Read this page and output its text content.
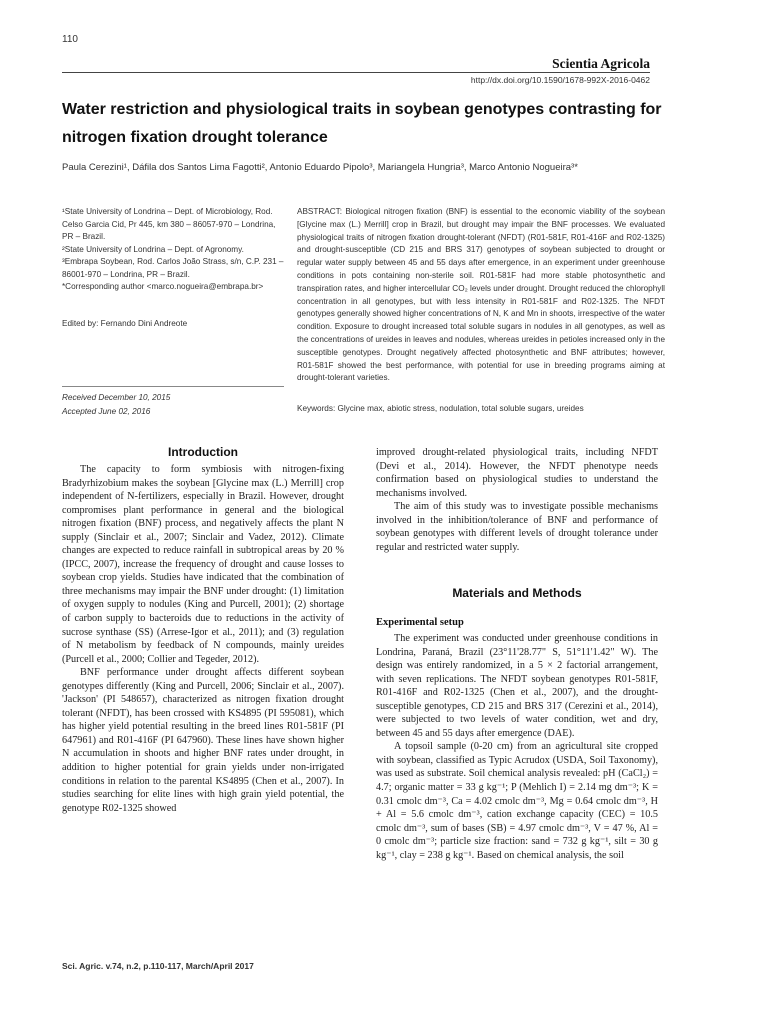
110
Scientia Agricola
http://dx.doi.org/10.1590/1678-992X-2016-0462
Water restriction and physiological traits in soybean genotypes contrasting for nitrogen fixation drought tolerance
Paula Cerezini¹, Dáfila dos Santos Lima Fagotti², Antonio Eduardo Pipolo³, Mariangela Hungria³, Marco Antonio Nogueira³*

¹State University of Londrina – Dept. of Microbiology, Rod. Celso Garcia Cid, Pr 445, km 380 – 86057-970 – Londrina, PR – Brazil.

²State University of Londrina – Dept. of Agronomy.

³Embrapa Soybean, Rod. Carlos João Strass, s/n, C.P. 231 – 86001-970 – Londrina, PR – Brazil.

*Corresponding author <marco.nogueira@embrapa.br>

Edited by: Fernando Dini Andreote

Received December 10, 2015

Accepted June 02, 2016

ABSTRACT: Biological nitrogen fixation (BNF) is essential to the economic viability of the soybean [Glycine max (L.) Merrill] crop in Brazil, but drought may impair the BNF processes. We evaluated physiological traits of nitrogen fixation drought-tolerant (NFDT) (R01-581F, R01-416F and R02-1325) and drought-susceptible (CD 215 and BRS 317) genotypes of soybean subjected to drought or regular water supply between 45 and 55 days after emergence, in an experiment under greenhouse conditions in pots containing non-sterile soil. R01-581F had more stable photosynthetic and transpiration rates, and higher intercellular CO₂ levels under drought. Drought reduced the chlorophyll concentration in all genotypes, but with less intensity in R01-581F and R02-1325. The NFDT genotypes generally showed higher concentrations of N, K and Mn in shoots, irrespective of the water condition. Exposure to drought increased total soluble sugars in nodules in all genotypes, as well as the concentrations of ureides in leaves and nodules, whereas ureides in petioles increased only in the susceptible genotypes. Drought negatively affected photosynthetic and BNF attributes; however, R01-581F showed the best performance, with potential for use in breeding programs aiming at drought-tolerant varieties.

Keywords: Glycine max, abiotic stress, nodulation, total soluble sugars, ureides

Introduction

The capacity to form symbiosis with nitrogen-fixing Bradyrhizobium makes the soybean [Glycine max (L.) Merrill] crop independent of N-fertilizers, especially in Brazil. However, drought compromises plant performance in general and the biological nitrogen fixation (BNF) process, and negatively affects the plant N supply (Sinclair et al., 2007; Sinclair and Vadez, 2012). Climate changes are expected to reduce rainfall in subtropical areas by 20 % (IPCC, 2007), increase the frequency of drought and cause losses to soybean crop yields. Studies have indicated that the combination of three mechanisms may impair the BNF under drought: (1) limitation of oxygen supply to nodules (King and Purcell, 2001); (2) shortage of carbon supply to bacteroids due to reductions in the activity of sucrose synthase (SS) (Arrese-Igor et al., 2011); and (3) regulation of N metabolism by feedback of N compounds, mainly ureides (Purcell et al., 2000; Collier and Tegeder, 2012).

BNF performance under drought affects different soybean genotypes differently (King and Purcell, 2006; Sinclair et al., 2007). 'Jackson' (PI 548657), characterized as nitrogen fixation drought tolerant (NFDT), has been crossed with KS4895 (PI 595081), which has higher yield potential resulting in the breed lines R01-581F (PI 647961) and R01-416F (PI 647960). These lines have shown higher N accumulation in shoots and higher BNF rates under drought, in addition to higher potential for grain yields under non-irrigated conditions in relation to the parental KS4895 (Chen et al., 2007). In studies searching for elite lines with high grain yield potential, the genotype R02-1325 showed

improved drought-related physiological traits, including NFDT (Devi et al., 2014). However, the NFDT phenotype needs confirmation based on physiological studies to understand the mechanisms involved.

The aim of this study was to investigate possible mechanisms involved in the inhibition/tolerance of BNF and performance of soybean genotypes with different levels of drought tolerance under regular and restricted water supply.

Materials and Methods
Experimental setup

The experiment was conducted under greenhouse conditions in Londrina, Paraná, Brazil (23°11'28.77" S, 51°11'1.42" W). The design was entirely randomized, in a 5 × 2 factorial arrangement, with seven replications. The NFDT soybean genotypes R01-581F, R01-416F and R02-1325 (Chen et al., 2007), and the drought-susceptible genotypes, CD 215 and BRS 317 (Cerezini et al., 2014), were subjected to two levels of water condition, wet and dry, between 45 and 55 days after emergence (DAE).

A topsoil sample (0-20 cm) from an agricultural site cropped with soybean, classified as Typic Acrudox (USDA, Soil Taxonomy), was used as substrate. Soil chemical analysis revealed: pH (CaCl₂) = 4.7; organic matter = 33 g kg⁻¹; P (Mehlich I) = 2.14 mg dm⁻³; K = 0.31 cmolc dm⁻³, Ca = 4.02 cmolc dm⁻³, Mg = 0.64 cmolc dm⁻³, H + Al = 5.6 cmolc dm⁻³, cation exchange capacity (CEC) = 10.5 cmolc dm⁻³, sum of bases (SB) = 4.97 cmolc dm⁻³, V = 47 %, Al = 0 cmolc dm⁻³; particle size fraction: sand = 732 g kg⁻¹, silt = 30 g kg⁻¹, clay = 238 g kg⁻¹. Based on chemical analysis, the soil

Sci. Agric. v.74, n.2, p.110-117, March/April 2017
